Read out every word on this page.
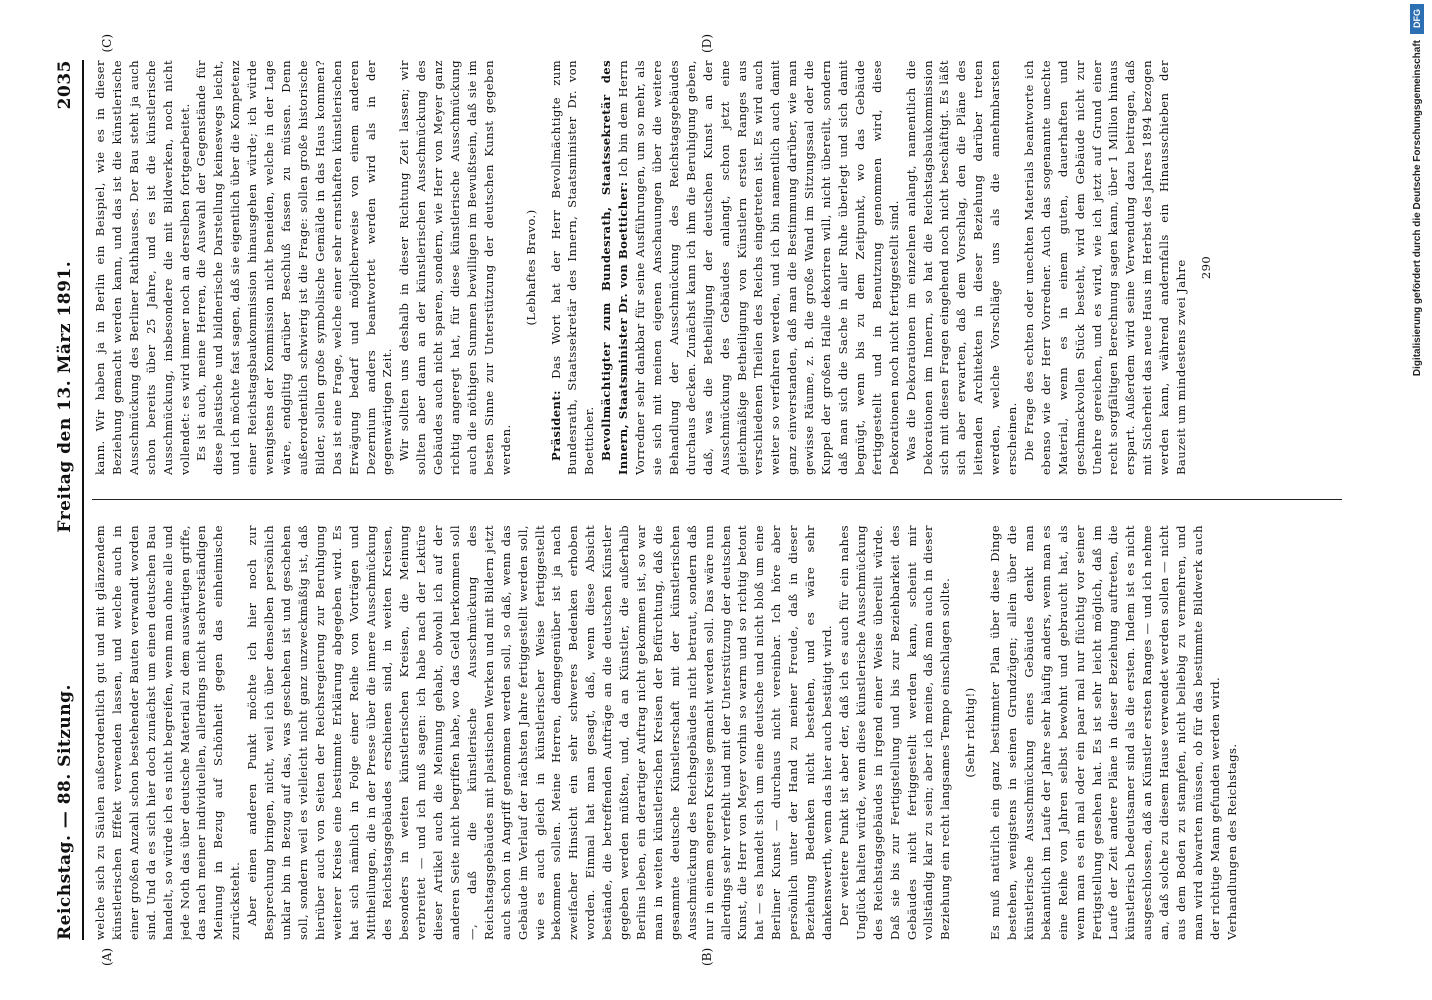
Reichstag. — 88. Sitzung.
Freitag den 13. März 1891.
2035
(A)	(B)
(C)	(D)

welche sich zu Säulen außerordentlich gut und mit glänzendem künstlerischen Effekt verwenden lassen, und welche auch in einer großen Anzahl schon bestehender Bauten verwandt worden sind. Und da es sich hier doch zunächst um einen deutschen Bau handelt, so würde ich es nicht begreifen, wenn man ohne alle und jede Noth das über deutsche Material zu dem auswärtigen griffe, das nach meiner individuellen, allerdings nicht sachverständigen Meinung in Bezug auf Schönheit gegen das einheimische zurücksteht. Aber einen anderen Punkt möchte ich hier noch zur Besprechung bringen, nicht, weil ich über denselben persönlich unklar bin in Bezug auf das, was geschehen ist und geschehen soll, sondern weil es vielleicht nicht ganz unzweckmäßig ist, daß hierüber auch von Seiten der Reichsregierung zur Beruhigung weiterer Kreise eine bestimmte Erklärung abgegeben wird. Es hat sich nämlich in Folge einer Reihe von Vorträgen und Mittheilungen, die in der Presse über die innere Ausschmückung des Reichstagsgebäudes erschienen sind, in weiten Kreisen, besonders in weiten künstlerischen Kreisen, die Meinung verbreitet — und ich muß sagen: ich habe nach der Lektüre dieser Artikel auch die Meinung gehabt, obwohl ich auf der anderen Seite nicht begriffen habe, wo das Geld herkommen soll —, daß die künstlerische Ausschmückung des Reichstagsgebäudes mit plastischen Werken und mit Bildern jetzt auch schon in Angriff genommen werden soll, so daß, wenn das Gebäude im Verlauf der nächsten Jahre fertiggestellt werden soll, wie es auch gleich in künstlerischer Weise fertiggestellt bekommen sollen. Meine Herren, demgegenüber ist ja nach zweifacher Hinsicht ein sehr schweres Bedenken erhoben worden. Einmal hat man gesagt, daß, wenn diese Absicht bestände, die betreffenden Aufträge an die deutschen Künstler gegeben werden müßten, und, da an Künstler, die außerhalb Berlins leben, ein derartiger Auftrag nicht gekommen ist, so war man in weiten künstlerischen Kreisen der Befürchtung, daß die gesammte deutsche Künstlerschaft mit der künstlerischen Ausschmückung des Reichsgebäudes nicht betraut, sondern daß nur in einem engeren Kreise gemacht werden soll. Das wäre nun allerdings sehr verfehlt und mit der Unterstützung der deutschen Kunst, die Herr von Meyer vorhin so warm und so richtig betont hat — es handelt sich um eine deutsche und nicht bloß um eine Berliner Kunst — durchaus nicht vereinbar. Ich höre aber persönlich unter der Hand zu meiner Freude, daß in dieser Beziehung Bedenken nicht bestehen, und es wäre sehr dankenswerth, wenn das hier auch bestätigt wird. Der weitere Punkt ist aber der, daß ich es auch für ein nahes Unglück halten würde, wenn diese künstlerische Ausschmückung des Reichstagsgebäudes in irgend einer Weise übereilt würde. Daß sie bis zur Fertigstellung und bis zur Beziehbarkeit des Gebäudes nicht fertiggestellt werden kann, scheint mir vollständig klar zu sein; aber ich meine, daß man auch in dieser Beziehung ein recht langsames Tempo einschlagen sollte. (Sehr richtig!) Es muß natürlich ein ganz bestimmter Plan über diese Dinge bestehen, wenigstens in seinen Grundzügen; allein über die künstlerische Ausschmückung eines Gebäudes denkt man bekanntlich im Laufe der Jahre sehr häufig anders, wenn man es eine Reihe von Jahren selbst bewohnt und gebraucht hat, als wenn man es ein mal oder ein paar mal nur flüchtig vor seiner Fertigstellung gesehen hat. Es ist sehr leicht möglich, daß im Laufe der Zeit andere Pläne in dieser Beziehung auftreten, die künstlerisch bedeutsamer sind als die ersten. Indem ist es nicht ausgeschlossen, daß an Künstler ersten Ranges — und ich nehme an, daß solche zu diesem Hause verwendet werden sollen — nicht aus dem Boden zu stampfen, nicht beliebig zu vermehren, und man wird abwarten müssen, ob für das bestimmte Bildwerk auch der richtige Mann gefunden werden wird. Verhandlungen des Reichstags.

kann. Wir haben ja in Berlin ein Beispiel, wie es in dieser Beziehung gemacht werden kann, und das ist die künstlerische Ausschmückung des Berliner Rathhauses. Der Bau steht ja auch schon bereits über 25 Jahre, und es ist die künstlerische Ausschmückung, insbesondere die mit Bildwerken, noch nicht vollendet: es wird immer noch an derselben fortgearbeitet. Es ist auch, meine Herren, die Auswahl der Gegenstände für diese plastische und bildnerische Darstellung keineswegs leicht, und ich möchte fast sagen, daß sie eigentlich über die Kompetenz einer Reichstagsbaukommission hinausgehen würde; ich würde wenigstens der Kommission nicht beneiden, welche in der Lage wäre, endgiltig darüber Beschluß fassen zu müssen. Denn außerordentlich schwierig ist die Frage: sollen große historische Bilder, sollen große symbolische Gemälde in das Haus kommen? Das ist eine Frage, welche einer sehr ernsthaften künstlerischen Erwägung bedarf und möglicherweise von einem anderen Dezernium anders beantwortet werden wird als in der gegenwärtigen Zeit. Wir sollten uns deshalb in dieser Richtung Zeit lassen; wir sollten aber dann an der künstlerischen Ausschmückung des Gebäudes auch nicht sparen, sondern, wie Herr von Meyer ganz richtig angeregt hat, für diese künstlerische Ausschmückung auch die nöthigen Summen bewilligen im Bewußtsein, daß sie im besten Sinne zur Unterstützung der deutschen Kunst gegeben werden.

(Lebhaftes Bravo.)

Präsident: Das Wort hat der Herr Bevollmächtigte zum Bundesrath, Staatssekretär des Innern, Staatsminister Dr. von Boetticher. Bevollmächtigter zum Bundesrath, Staatssekretär des Innern, Staatsminister Dr. von Boetticher: Ich bin dem Herrn Vorredner sehr dankbar für seine Ausführungen, um so mehr, als sie sich mit meinen eigenen Anschauungen über die weitere Behandlung der Ausschmückung des Reichstagsgebäudes durchaus decken. Zunächst kann ich ihm die Beruhigung geben, daß, was die Betheiligung der deutschen Kunst an der Ausschmückung des Gebäudes anlangt, schon jetzt eine gleichmäßige Betheiligung von Künstlern ersten Ranges aus verschiedenen Theilen des Reichs eingetreten ist. Es wird auch weiter so verfahren werden, und ich bin namentlich auch damit ganz einverstanden, daß man die Bestimmung darüber, wie man gewisse Räume, z. B. die große Wand im Sitzungssaal oder die Kuppel der großen Halle dekoriren will, nicht übereilt, sondern daß man sich die Sache in aller Ruhe überlegt und sich damit begnügt, wenn bis zu dem Zeitpunkt, wo das Gebäude fertiggestellt und in Benutzung genommen wird, diese Dekorationen noch nicht fertiggestellt sind. Was die Dekorationen im einzelnen anlangt, namentlich die Dekorationen im Innern, so hat die Reichstagsbaukommission sich mit diesen Fragen eingehend noch nicht beschäftigt. Es läßt sich aber erwarten, daß dem Vorschlag, den die Pläne des leitenden Architekten in dieser Beziehung darüber treten werden, welche Vorschläge uns als die annehmbarsten erscheinen. Die Frage des echten oder unechten Materials beantworte ich ebenso wie der Herr Vorredner. Auch das sogenannte unechte Material, wenn es in einem guten, dauerhaften und geschmackvollen Stück besteht, wird dem Gebäude nicht zur Unehre gereichen, und es wird, wie ich jetzt auf Grund einer recht sorgfältigen Berechnung sagen kann, über 1 Million hinaus erspart. Außerdem wird seine Verwendung dazu beitragen, daß mit Sicherheit das neue Haus im Herbst des Jahres 1894 bezogen werden kann, während andernfalls ein Hinausschieben der Bauzeit um mindestens zwei Jahre 290

DFG
Digitalisierung gefördert durch die Deutsche Forschungsgemeinschaft
